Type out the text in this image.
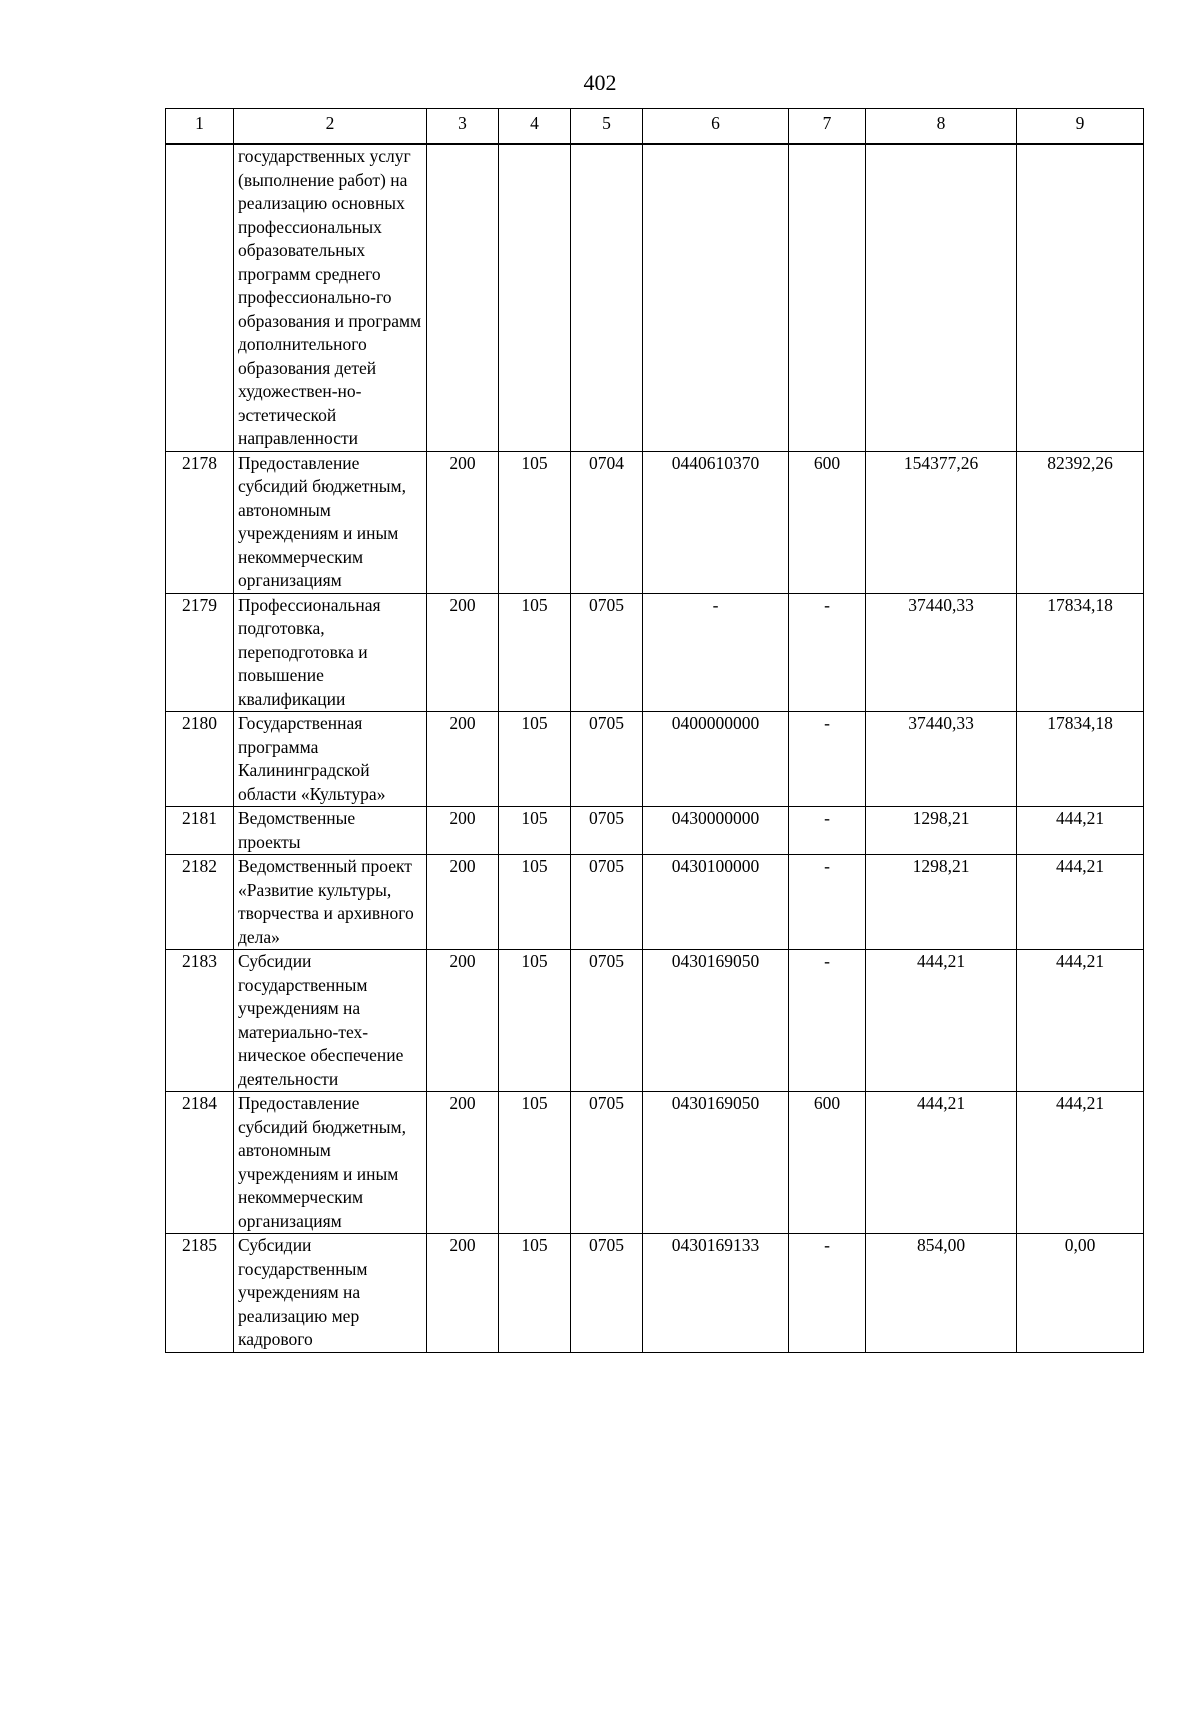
402
1	2	3	4	5	6	7	8	9
	государственных услуг (выполнение работ) на реализацию основных профессиональных образовательных программ среднего профессионально-го образования и программ дополнительного образования детей художествен-но-эстетической направленности							
2178	Предоставление субсидий бюджетным, автономным учреждениям и иным некоммерческим организациям	200	105	0704	0440610370	600	154377,26	82392,26
2179	Профессиональная подготовка, переподготовка и повышение квалификации	200	105	0705	-	-	37440,33	17834,18
2180	Государственная программа Калининградской области «Культура»	200	105	0705	0400000000	-	37440,33	17834,18
2181	Ведомственные проекты	200	105	0705	0430000000	-	1298,21	444,21
2182	Ведомственный проект «Развитие культуры, творчества и архивного дела»	200	105	0705	0430100000	-	1298,21	444,21
2183	Субсидии государственным учреждениям на материально-тех-ническое обеспечение деятельности	200	105	0705	0430169050	-	444,21	444,21
2184	Предоставление субсидий бюджетным, автономным учреждениям и иным некоммерческим организациям	200	105	0705	0430169050	600	444,21	444,21
2185	Субсидии государственным учреждениям на реализацию мер кадрового	200	105	0705	0430169133	-	854,00	0,00
